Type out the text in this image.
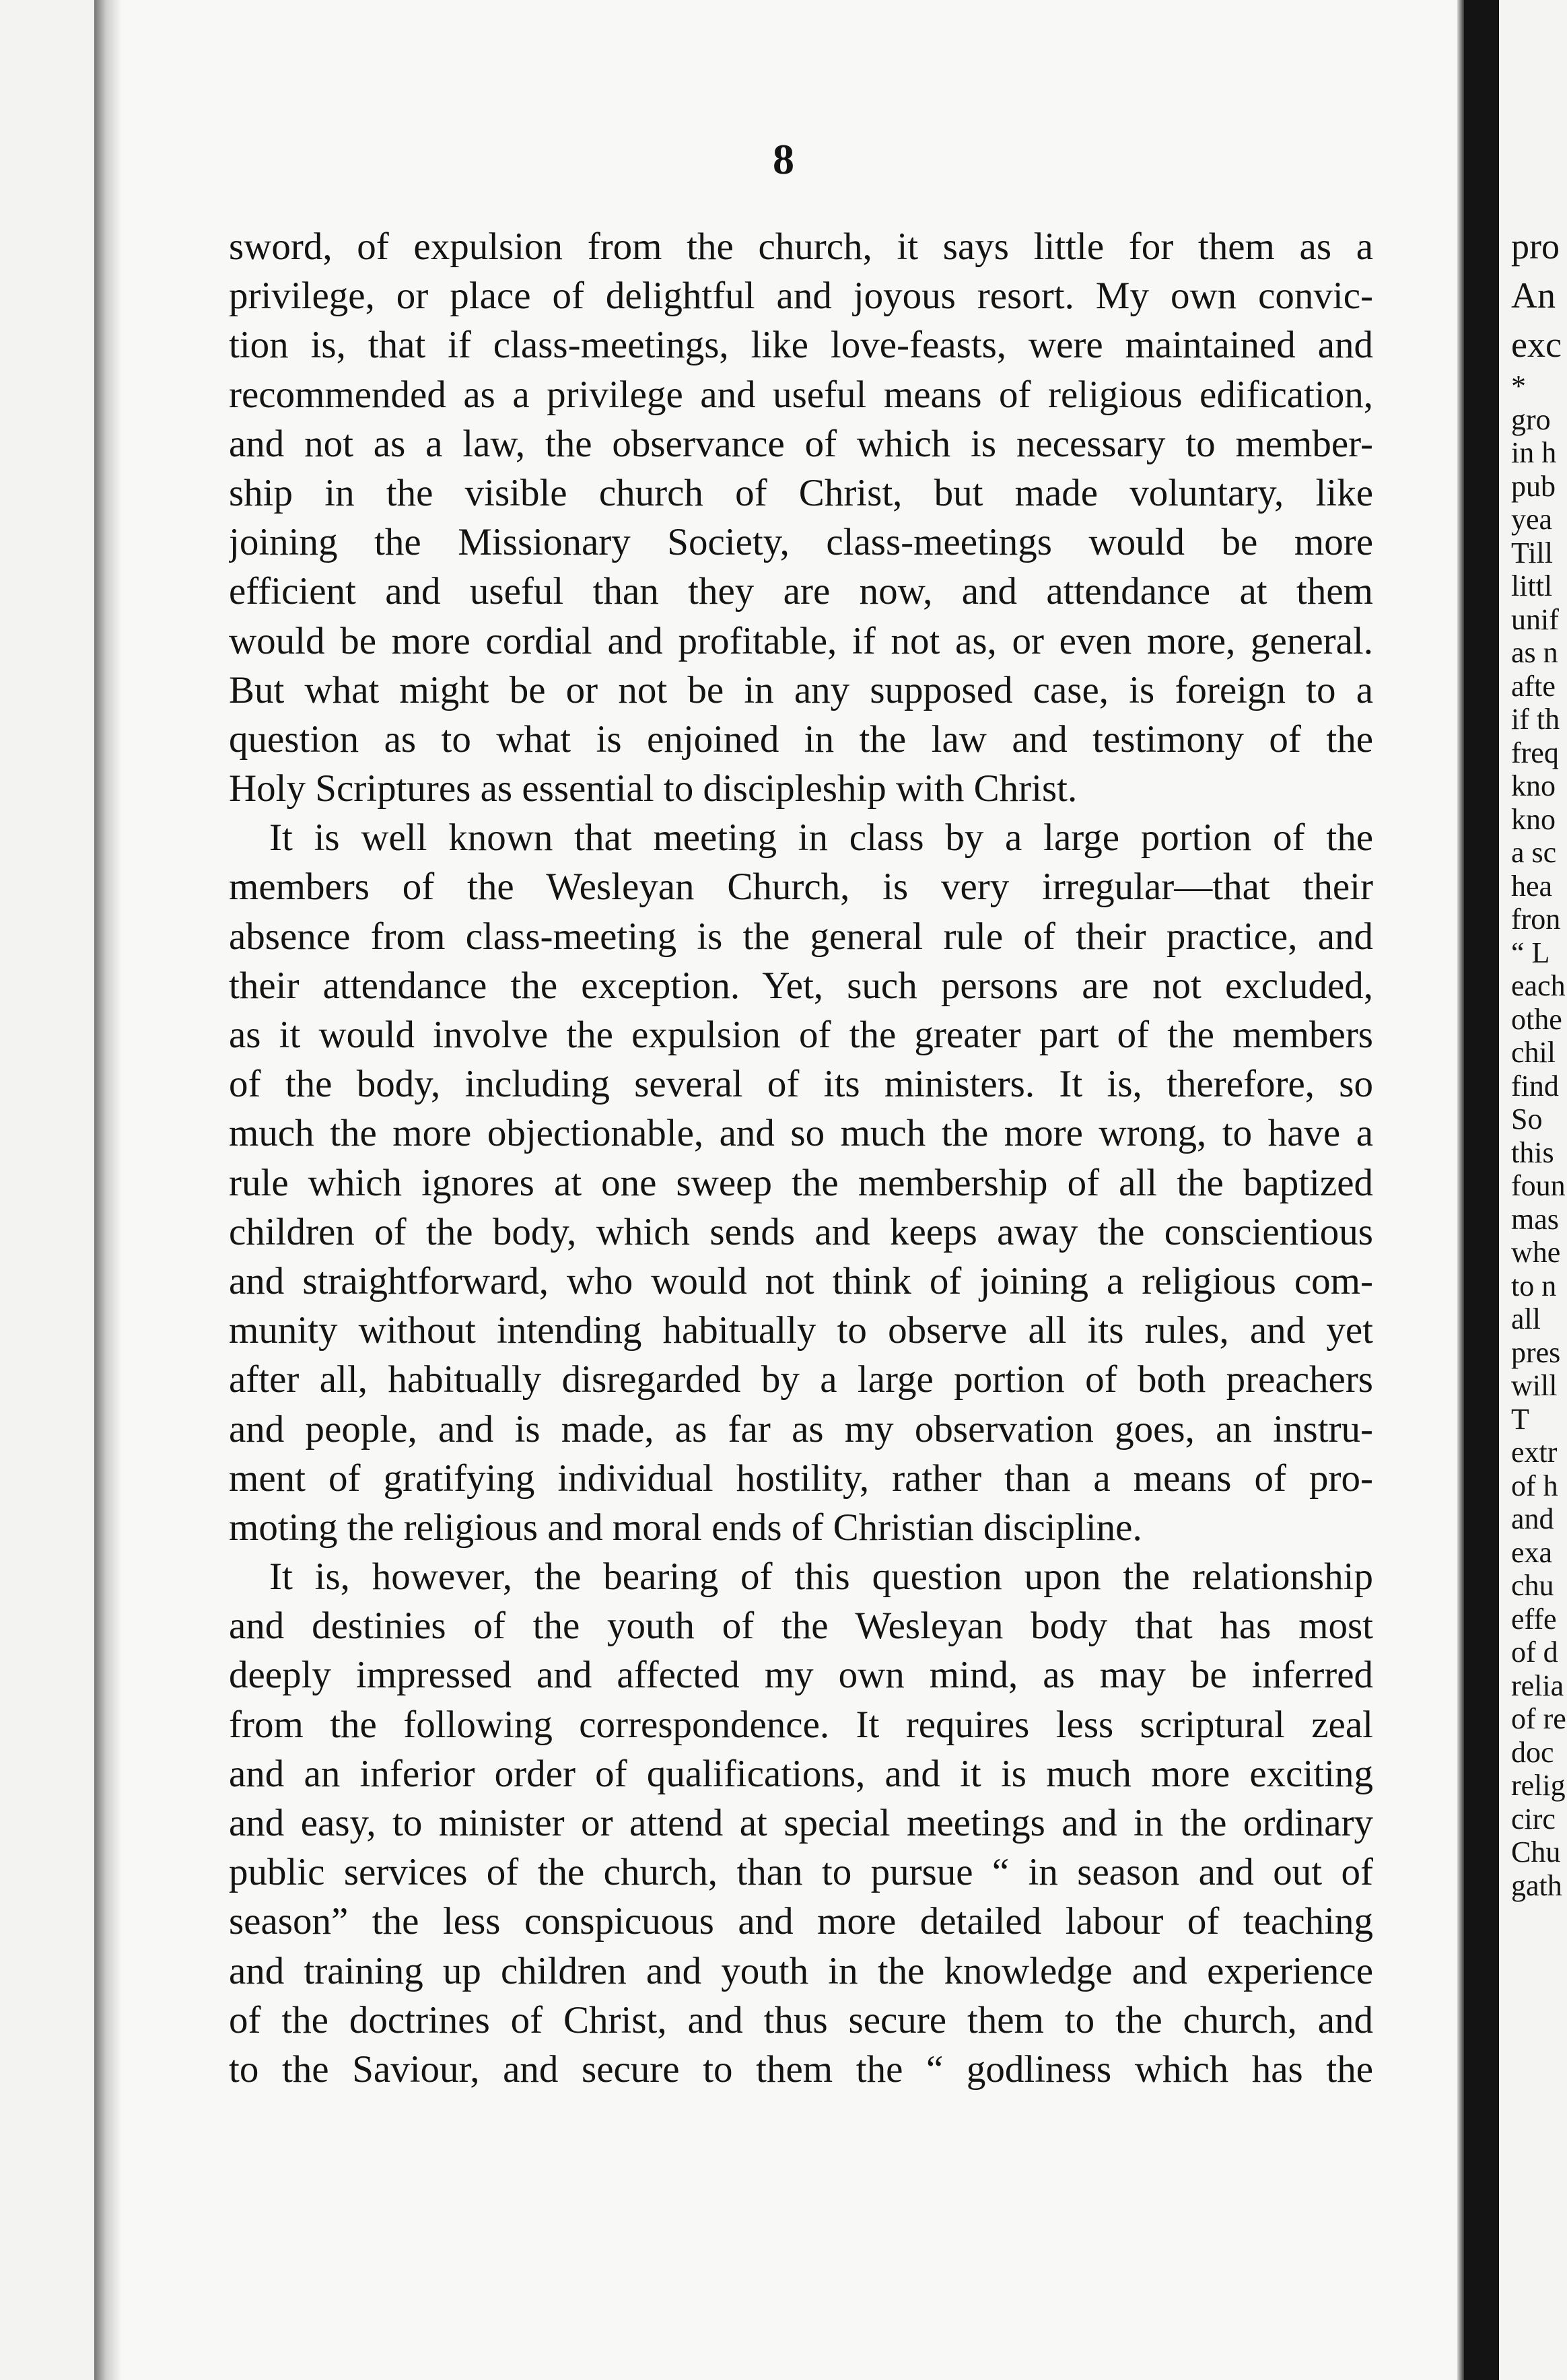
pro
An
exc
*
gro
in h
pub
yea
Till
littl
unif
as n
afte
if th
freq
kno
kno
a sc
hea
fron
“ L
each
othe
chil
find
So
this
foun
mas
whe
to n
all
pres
will
T
extr
of h
and
exa
chu
effe
of d
relia
of re
doc
relig
circ
Chu
gath
8
sword, of expulsion from the church, it says little for them as a
privilege, or place of delightful and joyous resort. My own convic-
tion is, that if class-meetings, like love-feasts, were maintained and
recommended as a privilege and useful means of religious edification,
and not as a law, the observance of which is necessary to member-
ship in the visible church of Christ, but made voluntary, like
joining the Missionary Society, class-meetings would be more
efficient and useful than they are now, and attendance at them
would be more cordial and profitable, if not as, or even more, general.
But what might be or not be in any supposed case, is foreign to a
question as to what is enjoined in the law and testimony of the
Holy Scriptures as essential to discipleship with Christ.
It is well known that meeting in class by a large portion of the
members of the Wesleyan Church, is very irregular—that their
absence from class-meeting is the general rule of their practice, and
their attendance the exception. Yet, such persons are not excluded,
as it would involve the expulsion of the greater part of the members
of the body, including several of its ministers. It is, therefore, so
much the more objectionable, and so much the more wrong, to have a
rule which ignores at one sweep the membership of all the baptized
children of the body, which sends and keeps away the conscientious
and straightforward, who would not think of joining a religious com-
munity without intending habitually to observe all its rules, and yet
after all, habitually disregarded by a large portion of both preachers
and people, and is made, as far as my observation goes, an instru-
ment of gratifying individual hostility, rather than a means of pro-
moting the religious and moral ends of Christian discipline.
It is, however, the bearing of this question upon the relationship
and destinies of the youth of the Wesleyan body that has most
deeply impressed and affected my own mind, as may be inferred
from the following correspondence. It requires less scriptural zeal
and an inferior order of qualifications, and it is much more exciting
and easy, to minister or attend at special meetings and in the ordinary
public services of the church, than to pursue “ in season and out of
season” the less conspicuous and more detailed labour of teaching
and training up children and youth in the knowledge and experience
of the doctrines of Christ, and thus secure them to the church, and
to the Saviour, and secure to them the “ godliness which has the
